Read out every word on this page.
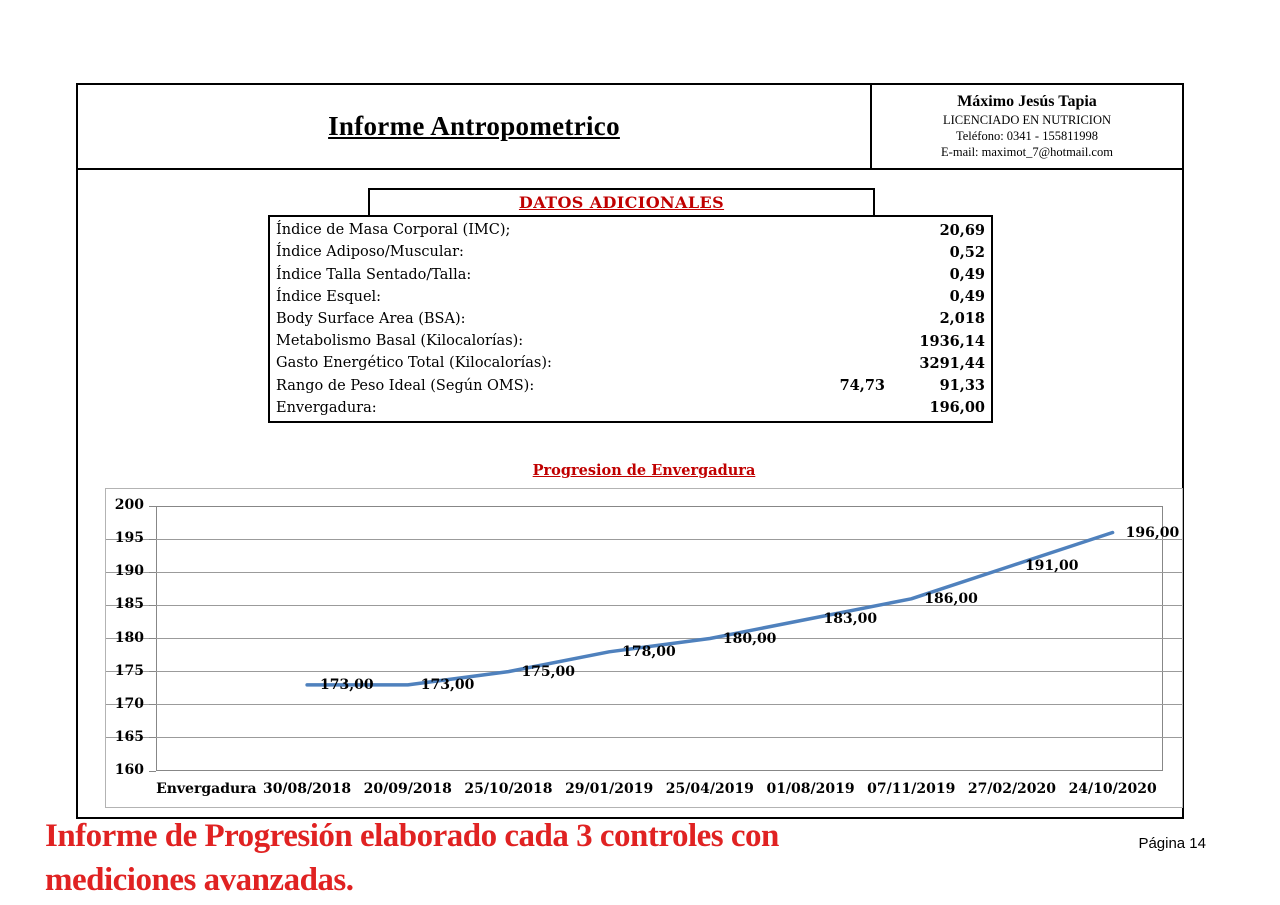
Informe Antropometrico
Máximo Jesús Tapia
LICENCIADO EN NUTRICION
Teléfono: 0341 - 155811998
E-mail: maximot_7@hotmail.com
DATOS ADICIONALES
Índice de Masa Corporal (IMC);	20,69
Índice Adiposo/Muscular:	0,52
Índice Talla Sentado/Talla:	0,49
Índice Esquel:	0,49
Body Surface Area (BSA):	2,018
Metabolismo Basal (Kilocalorías):	1936,14
Gasto Energético Total (Kilocalorías):	3291,44
Rango de Peso Ideal (Según OMS):	74,73	91,33
Envergadura:	196,00
Progresion de Envergadura
160
165
170
175
180
185
190
195
200
Envergadura 30/08/2018 20/09/2018 25/10/2018 29/01/2019 25/04/2019 01/08/2019 07/11/2019 27/02/2020 24/10/2020
173,00	173,00
175,00
178,00
180,00
183,00
186,00
191,00
196,00
Informe de Progresión elaborado cada 3 controles con
mediciones avanzadas.
Página 14
